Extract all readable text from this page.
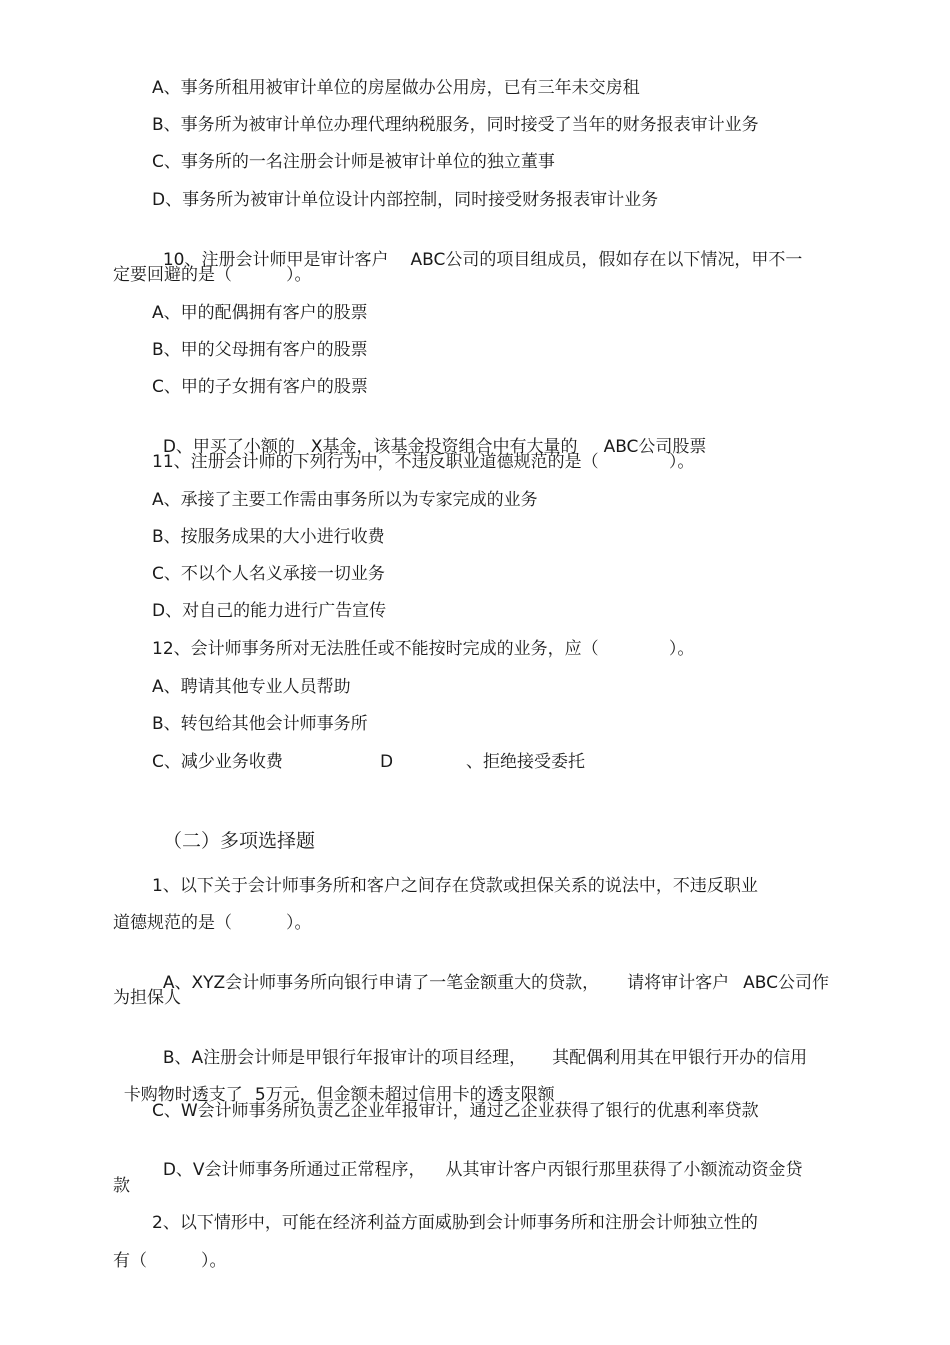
A、事务所租用被审计单位的房屋做办公用房，已有三年未交房租
B、事务所为被审计单位办理代理纳税服务，同时接受了当年的财务报表审计业务
C、事务所的一名注册会计师是被审计单位的独立董事
D、事务所为被审计单位设计内部控制，同时接受财务报表审计业务

10、注册会计师甲是审计客户 ABC公司的项目组成员，假如存在以下情况，甲不一

定要回避的是（          ）。
A、甲的配偶拥有客户的股票
B、甲的父母拥有客户的股票
C、甲的子女拥有客户的股票

D、甲买了小额的 X基金，该基金投资组合中有大量的 ABC公司股票

11、注册会计师的下列行为中，不违反职业道德规范的是（             ）。
A、承接了主要工作需由事务所以为专家完成的业务
B、按服务成果的大小进行收费
C、不以个人名义承接一切业务
D、对自己的能力进行广告宣传
12、会计师事务所对无法胜任或不能按时完成的业务，应（             ）。
A、聘请其他专业人员帮助
B、转包给其他会计师事务所
C、减少业务收费	D	、拒绝接受委托
（二）多项选择题
1、以下关于会计师事务所和客户之间存在贷款或担保关系的说法中，不违反职业
道德规范的是（          ）。

A、XYZ会计师事务所向银行申请了一笔金额重大的贷款， 请将审计客户 ABC公司作

为担保人

B、A注册会计师是甲银行年报审计的项目经理， 其配偶利用其在甲银行开办的信用

卡购物时透支了 5万元，但金额未超过信用卡的透支限额

C、W会计师事务所负责乙企业年报审计，通过乙企业获得了银行的优惠利率贷款

D、V会计师事务所通过正常程序， 从其审计客户丙银行那里获得了小额流动资金贷

款
2、以下情形中，可能在经济利益方面威胁到会计师事务所和注册会计师独立性的
有（          ）。
